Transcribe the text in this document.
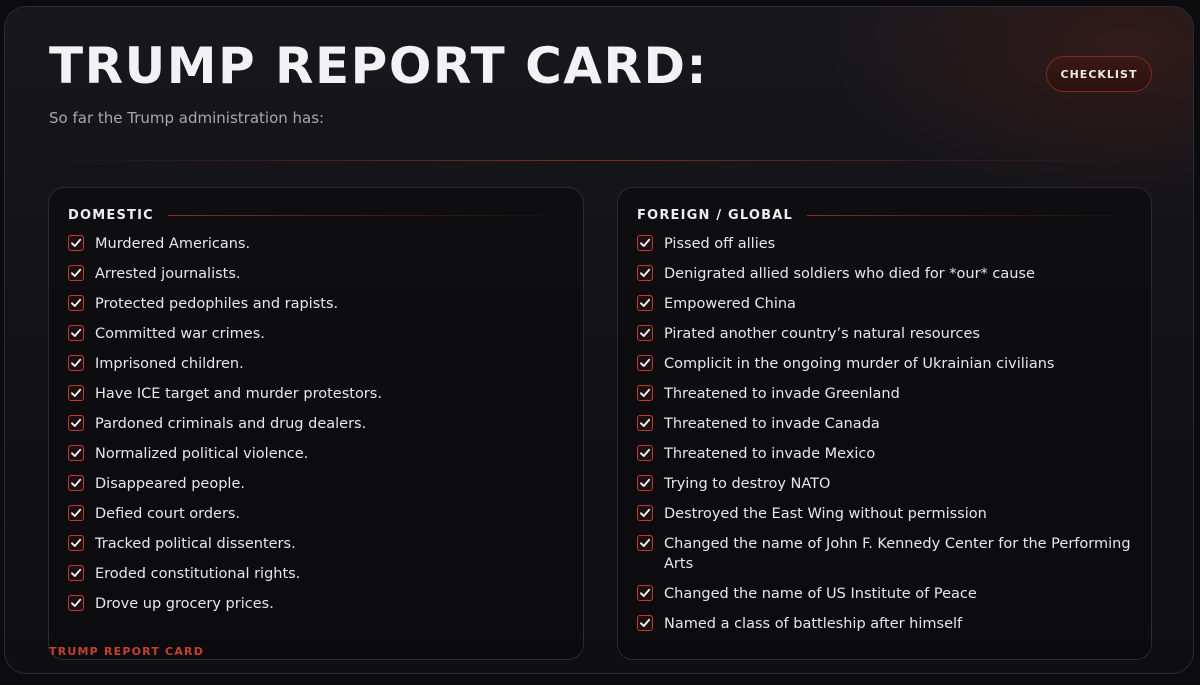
TRUMP REPORT CARD:
So far the Trump administration has:
CHECKLIST
DOMESTIC
Murdered Americans.
Arrested journalists.
Protected pedophiles and rapists.
Committed war crimes.
Imprisoned children.
Have ICE target and murder protestors.
Pardoned criminals and drug dealers.
Normalized political violence.
Disappeared people.
Defied court orders.
Tracked political dissenters.
Eroded constitutional rights.
Drove up grocery prices.
FOREIGN / GLOBAL
Pissed off allies
Denigrated allied soldiers who died for *our* cause
Empowered China
Pirated another country’s natural resources
Complicit in the ongoing murder of Ukrainian civilians
Threatened to invade Greenland
Threatened to invade Canada
Threatened to invade Mexico
Trying to destroy NATO
Destroyed the East Wing without permission
Changed the name of John F. Kennedy Center for the Performing Arts
Changed the name of US Institute of Peace
Named a class of battleship after himself
TRUMP REPORT CARD
